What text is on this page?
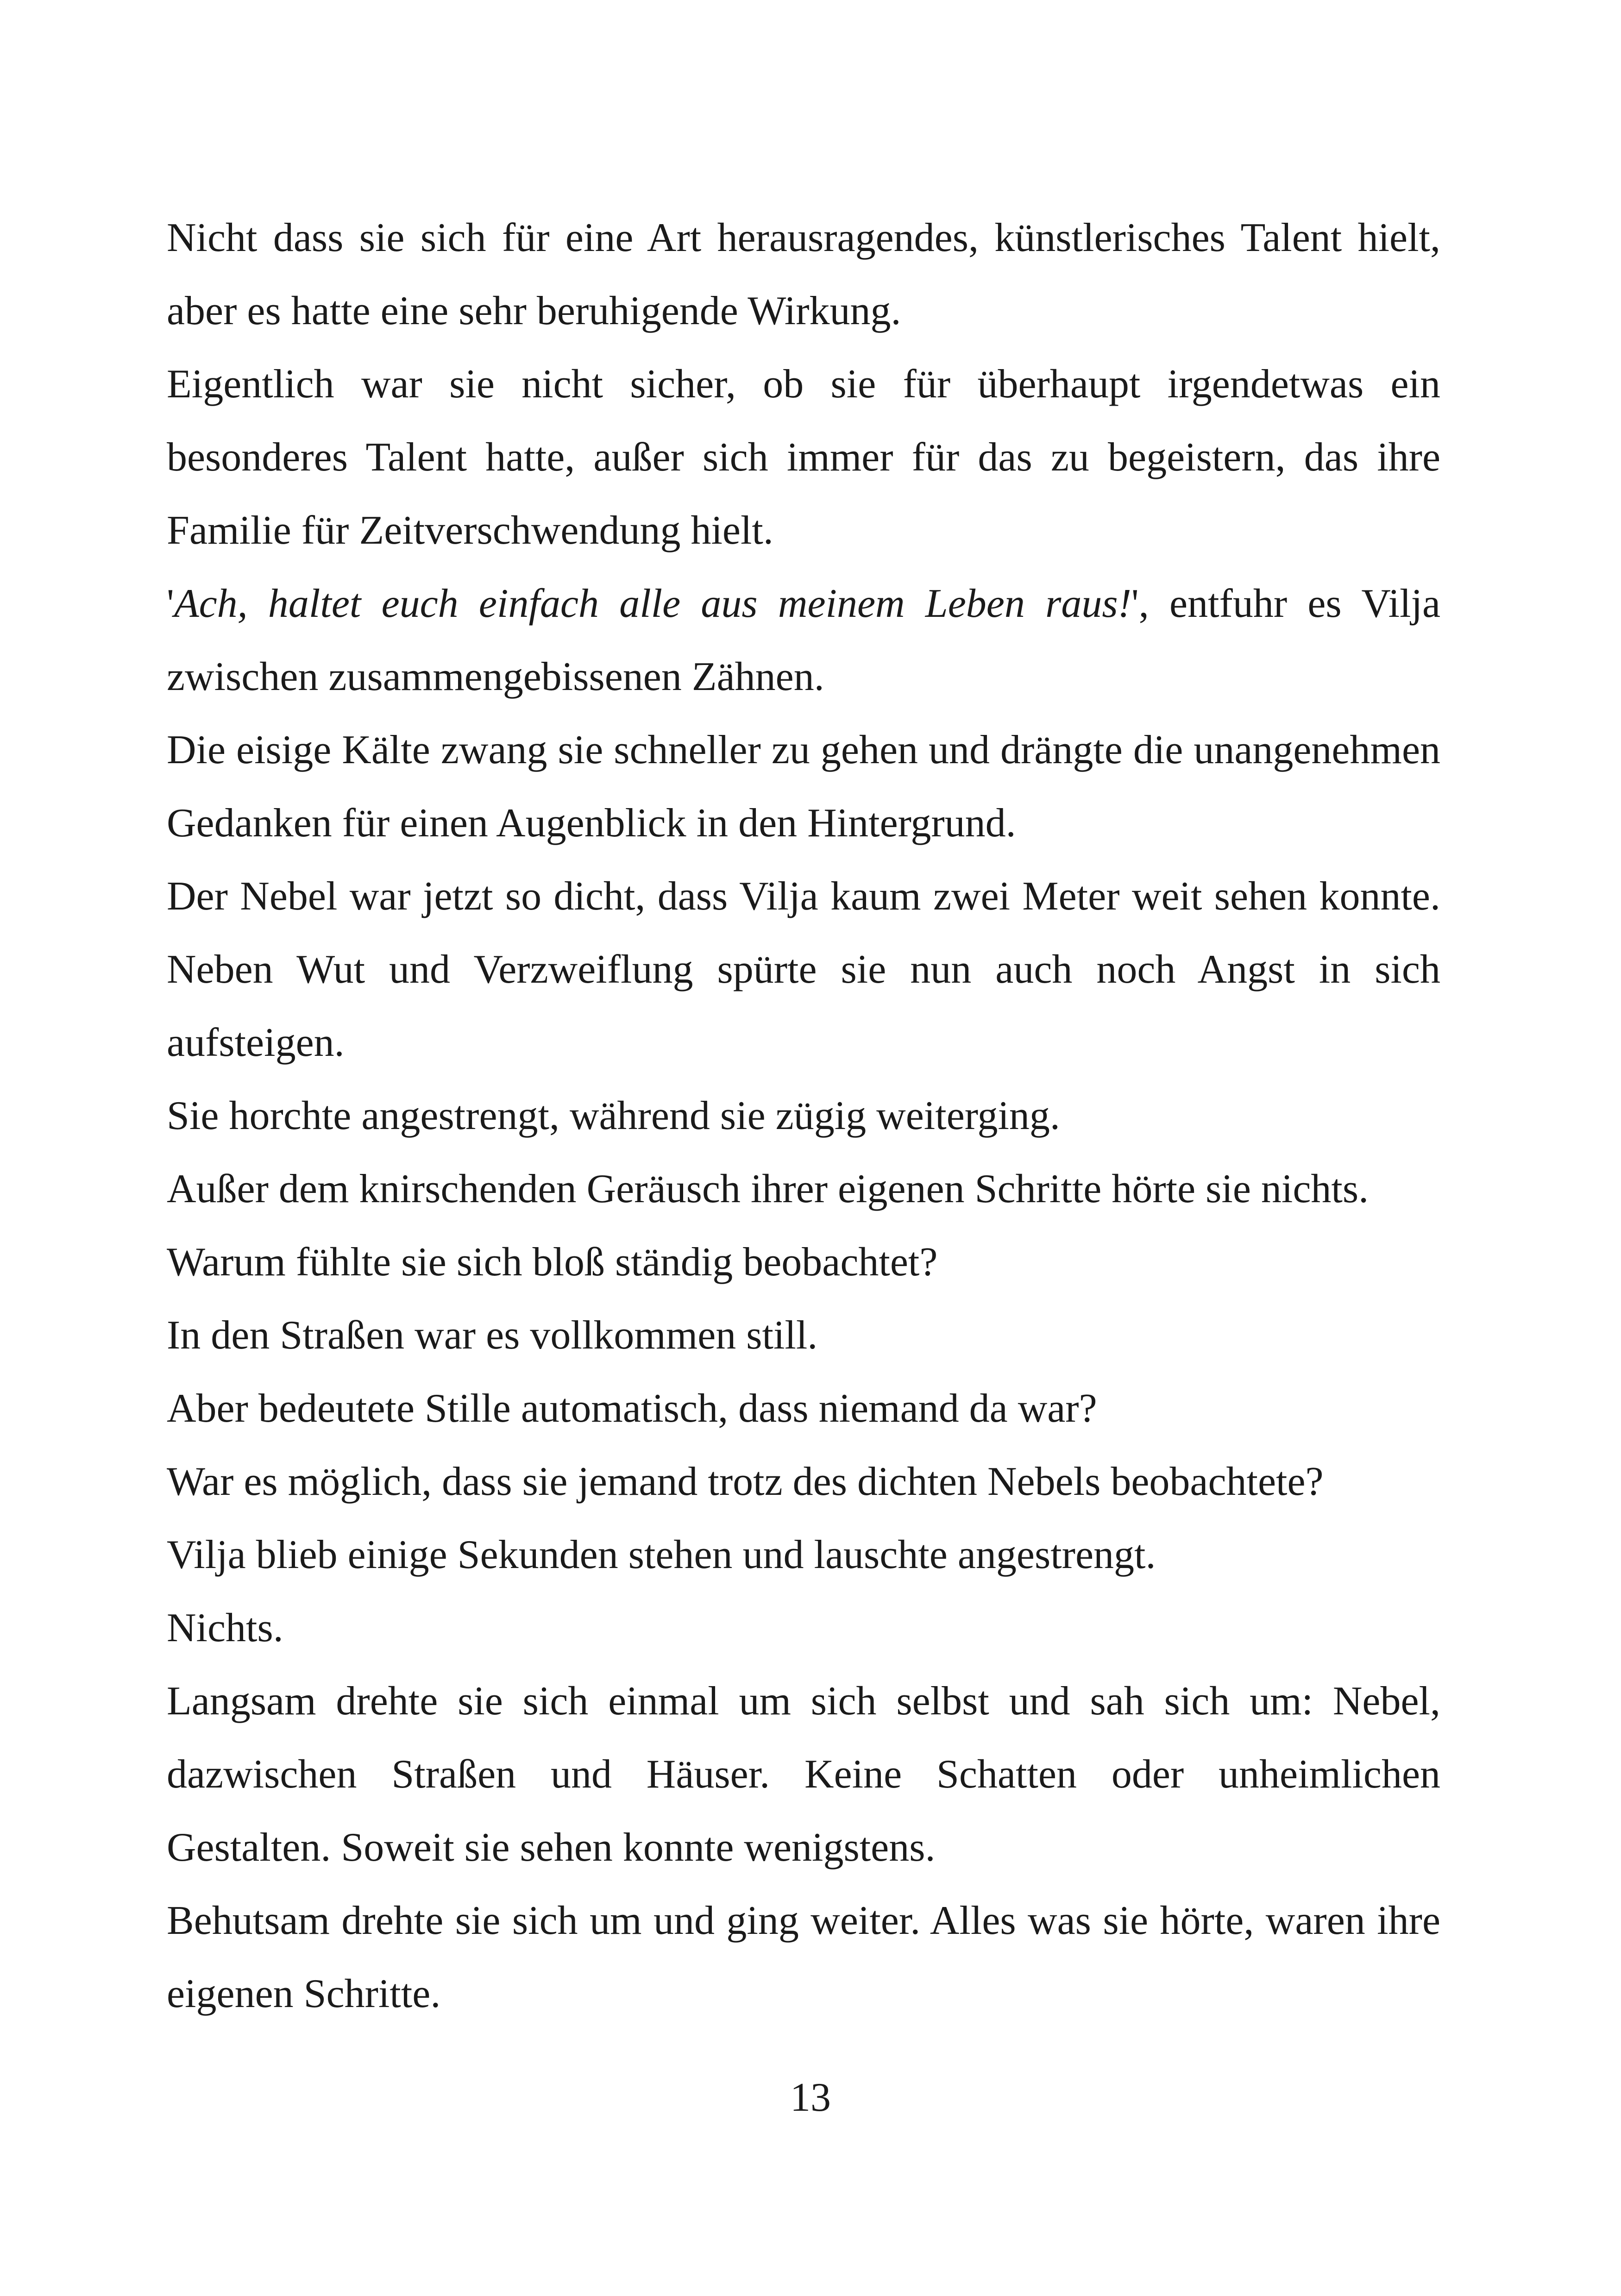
Nicht dass sie sich für eine Art herausragendes, künstlerisches Talent hielt, aber es hatte eine sehr beruhigende Wirkung.

Eigentlich war sie nicht sicher, ob sie für überhaupt irgendetwas ein besonderes Talent hatte, außer sich immer für das zu begeistern, das ihre Familie für Zeitverschwendung hielt.

'Ach, haltet euch einfach alle aus meinem Leben raus!', entfuhr es Vilja zwischen zusammengebissenen Zähnen.

Die eisige Kälte zwang sie schneller zu gehen und drängte die unangenehmen Gedanken für einen Augenblick in den Hintergrund.

Der Nebel war jetzt so dicht, dass Vilja kaum zwei Meter weit sehen konnte. Neben Wut und Verzweiflung spürte sie nun auch noch Angst in sich aufsteigen.

Sie horchte angestrengt, während sie zügig weiterging.

Außer dem knirschenden Geräusch ihrer eigenen Schritte hörte sie nichts.

Warum fühlte sie sich bloß ständig beobachtet?

In den Straßen war es vollkommen still.

Aber bedeutete Stille automatisch, dass niemand da war?

War es möglich, dass sie jemand trotz des dichten Nebels beobachtete?

Vilja blieb einige Sekunden stehen und lauschte angestrengt.

Nichts.

Langsam drehte sie sich einmal um sich selbst und sah sich um: Nebel, dazwischen Straßen und Häuser. Keine Schatten oder unheimlichen Gestalten. Soweit sie sehen konnte wenigstens.

Behutsam drehte sie sich um und ging weiter. Alles was sie hörte, waren ihre eigenen Schritte.

13
